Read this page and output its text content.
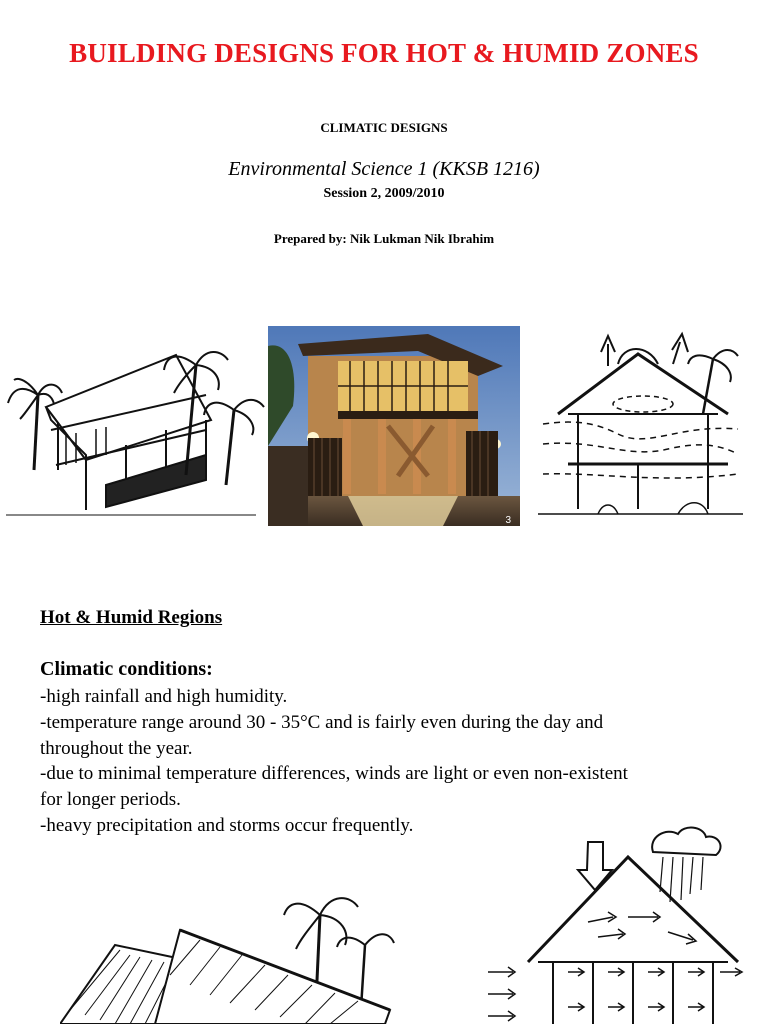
BUILDING DESIGNS FOR HOT & HUMID ZONES
CLIMATIC DESIGNS
Environmental Science 1 (KKSB 1216)
Session 2, 2009/2010
Prepared by: Nik Lukman Nik Ibrahim
3
Hot & Humid Regions
Climatic conditions:
-high rainfall and high humidity.
-temperature range around 30 - 35°C and is fairly even during the day and
throughout the year.
-due to minimal temperature differences, winds are light or even non-existent
for longer periods.
-heavy precipitation and storms occur frequently.
